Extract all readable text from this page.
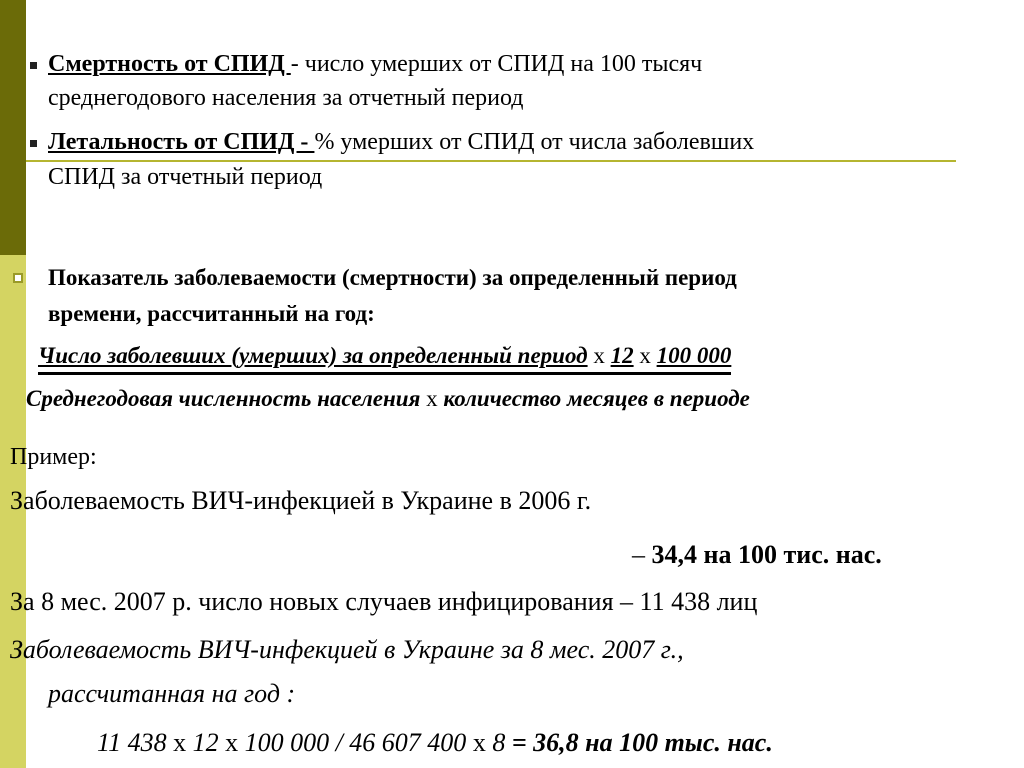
Смертность от СПИД - число умерших от СПИД на 100 тысяч
среднегодового населения за отчетный период
Летальность от СПИД - % умерших от СПИД от числа заболевших
СПИД за отчетный период
Показатель заболеваемости (смертности) за определенный период
времени, рассчитанный на год:
Число заболевших (умерших) за определенный период х 12 х 100 000
Среднегодовая численность населения х количество месяцев в периоде
Пример:
Заболеваемость ВИЧ-инфекцией в Украине в 2006 г.
– 34,4 на 100 тис. нас.
За 8 мес. 2007 р. число новых случаев инфицирования – 11 438 лиц
Заболеваемость ВИЧ-инфекцией в Украине за 8 мес. 2007 г.,
рассчитанная на год :
11 438 х 12 х 100 000 / 46 607 400 х 8 = 36,8 на 100 тыс. нас.
